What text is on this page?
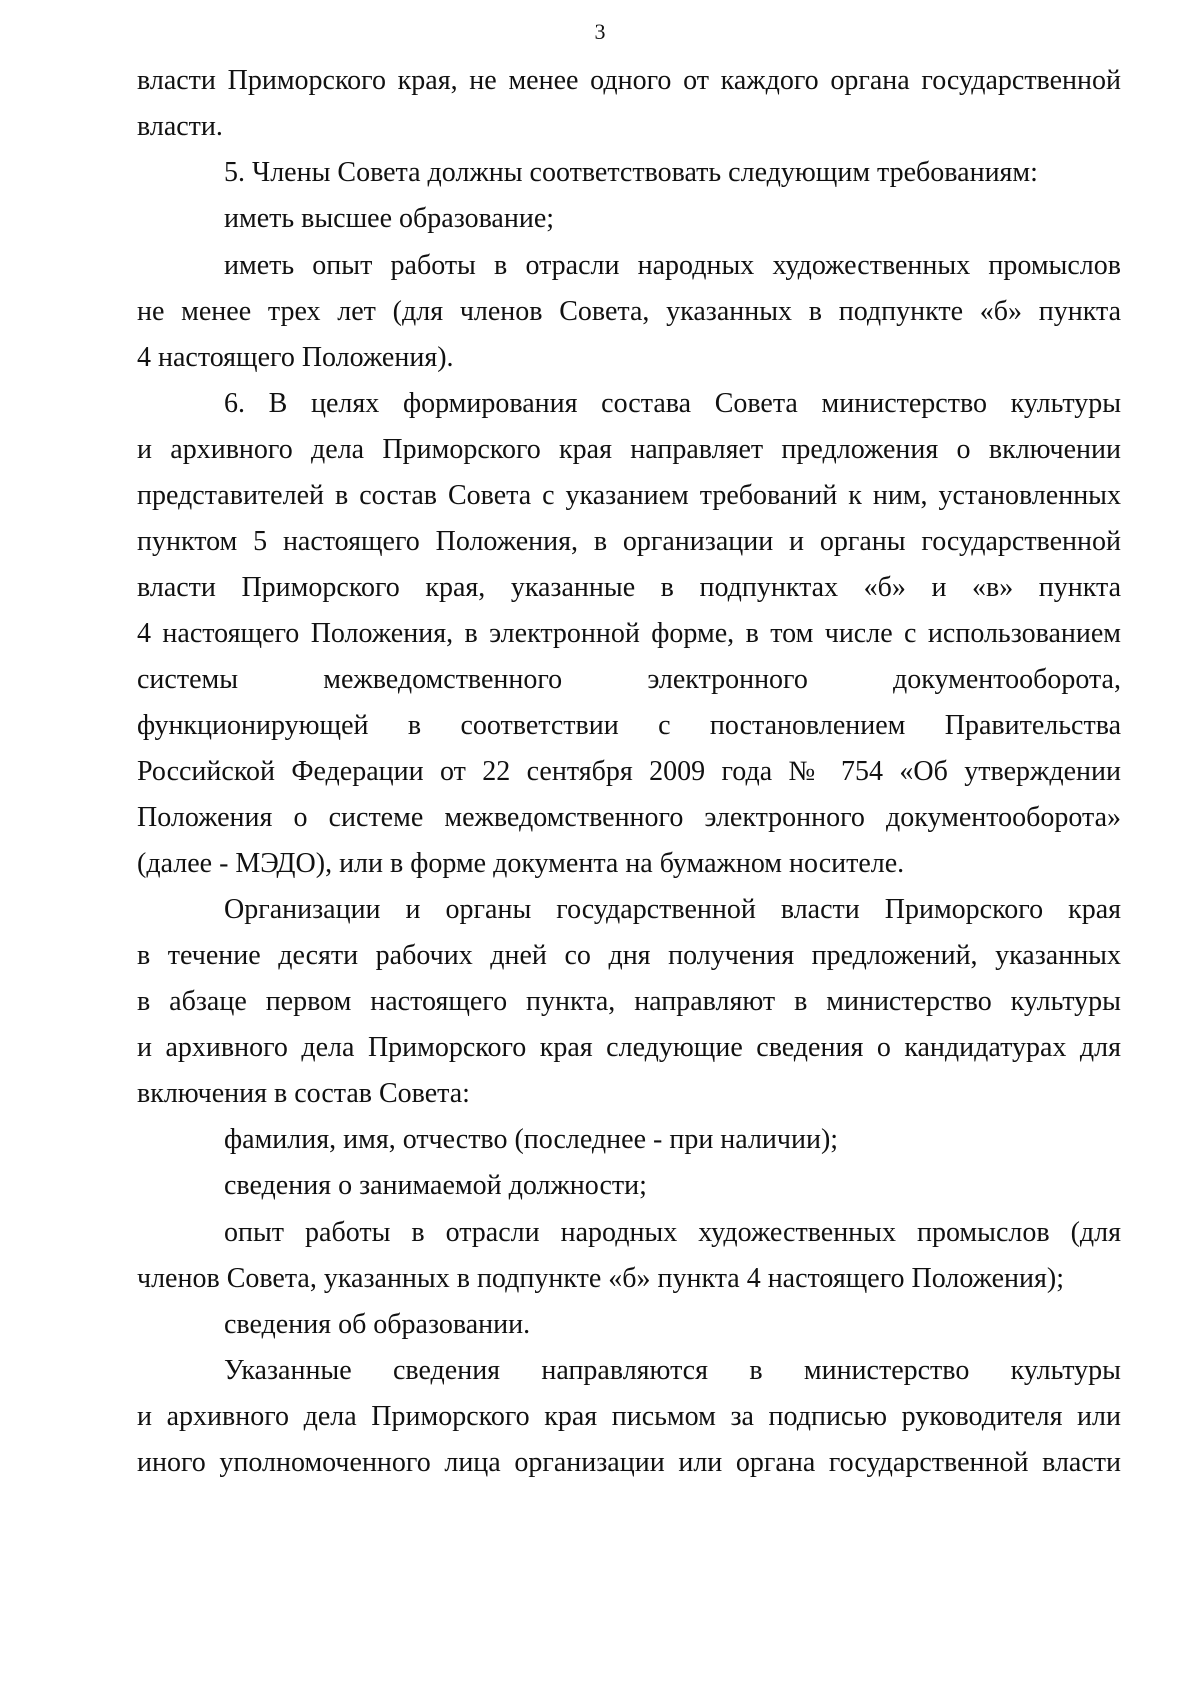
3
власти Приморского края, не менее одного от каждого органа государственной
власти.
5. Члены Совета должны соответствовать следующим требованиям:
иметь высшее образование;
иметь опыт работы в отрасли народных художественных промыслов
не менее трех лет (для членов Совета, указанных в подпункте «б» пункта
4 настоящего Положения).
6. В целях формирования состава Совета министерство культуры
и архивного дела Приморского края направляет предложения о включении
представителей в состав Совета с указанием требований к ним, установленных
пунктом 5 настоящего Положения, в организации и органы государственной
власти Приморского края, указанные в подпунктах «б» и «в» пункта
4 настоящего Положения, в электронной форме, в том числе с использованием
системы межведомственного электронного документооборота,
функционирующей в соответствии с постановлением Правительства
Российской Федерации от 22 сентября 2009 года № 754 «Об утверждении
Положения о системе межведомственного электронного документооборота»
(далее - МЭДО), или в форме документа на бумажном носителе.
Организации и органы государственной власти Приморского края
в течение десяти рабочих дней со дня получения предложений, указанных
в абзаце первом настоящего пункта, направляют в министерство культуры
и архивного дела Приморского края следующие сведения о кандидатурах для
включения в состав Совета:
фамилия, имя, отчество (последнее - при наличии);
сведения о занимаемой должности;
опыт работы в отрасли народных художественных промыслов (для
членов Совета, указанных в подпункте «б» пункта 4 настоящего Положения);
сведения об образовании.
Указанные сведения направляются в министерство культуры
и архивного дела Приморского края письмом за подписью руководителя или
иного уполномоченного лица организации или органа государственной власти
